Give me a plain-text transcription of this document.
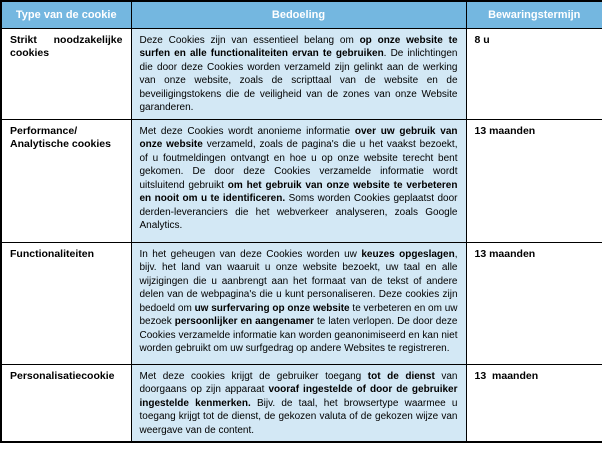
Type van de cookie	Bedoeling	Bewaringstermijn
Strikt noodzakelijke cookies	Deze Cookies zijn van essentieel belang om op onze website te surfen en alle functionaliteiten ervan te gebruiken. De inlichtingen die door deze Cookies worden verzameld zijn gelinkt aan de werking van onze website, zoals de scripttaal van de website en de beveiligingstokens die de veiligheid van de zones van onze Website garanderen.	8 u
Performance/ Analytische cookies	Met deze Cookies wordt anonieme informatie over uw gebruik van onze website verzameld, zoals de pagina's die u het vaakst bezoekt, of u foutmeldingen ontvangt en hoe u op onze website terecht bent gekomen. De door deze Cookies verzamelde informatie wordt uitsluitend gebruikt om het gebruik van onze website te verbeteren en nooit om u te identificeren. Soms worden Cookies geplaatst door derden-leveranciers die het webverkeer analyseren, zoals Google Analytics.	13 maanden
Functionaliteiten	In het geheugen van deze Cookies worden uw keuzes opgeslagen, bijv. het land van waaruit u onze website bezoekt, uw taal en alle wijzigingen die u aanbrengt aan het formaat van de tekst of andere delen van de webpagina's die u kunt personaliseren. Deze cookies zijn bedoeld om uw surfervaring op onze website te verbeteren en om uw bezoek persoonlijker en aangenamer te laten verlopen. De door deze Cookies verzamelde informatie kan worden geanonimiseerd en kan niet worden gebruikt om uw surfgedrag op andere Websites te registreren.	13 maanden
Personalisatiecookie	Met deze cookies krijgt de gebruiker toegang tot de dienst van doorgaans op zijn apparaat vooraf ingestelde of door de gebruiker ingestelde kenmerken. Bijv. de taal, het browsertype waarmee u toegang krijgt tot de dienst, de gekozen valuta of de gekozen wijze van weergave van de content.	13  maanden
